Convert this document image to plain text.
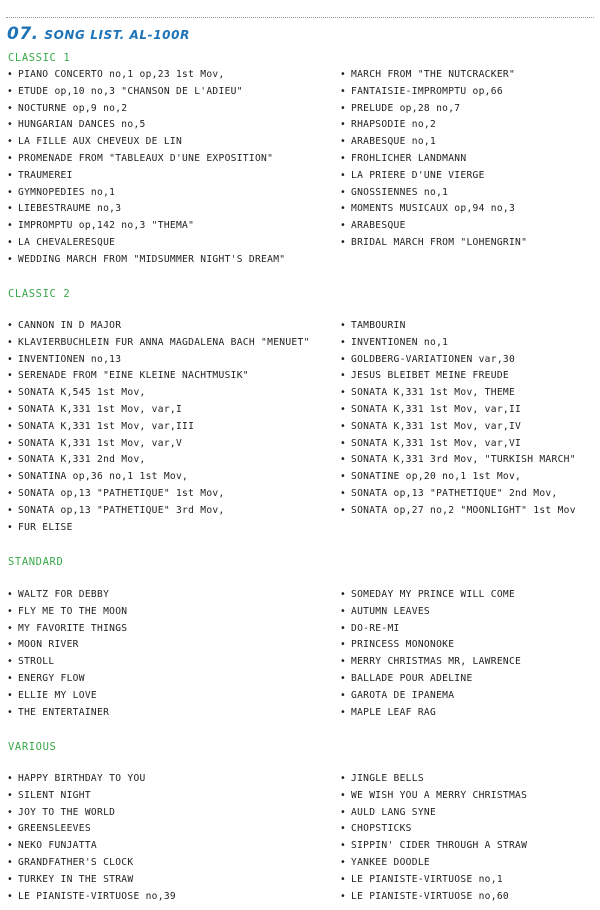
07. SONG LIST. AL-100R
CLASSIC 1
• PIANO CONCERTO no,1 op,23 1st Mov,
• ETUDE op,10 no,3 "CHANSON DE L'ADIEU"
• NOCTURNE op,9 no,2
• HUNGARIAN DANCES no,5
• LA FILLE AUX CHEVEUX DE LIN
• PROMENADE FROM "TABLEAUX D'UNE EXPOSITION"
• TRAUMEREI
• GYMNOPEDIES no,1
• LIEBESTRAUME no,3
• IMPROMPTU op,142 no,3 "THEMA"
• LA CHEVALERESQUE
• WEDDING MARCH FROM "MIDSUMMER NIGHT'S DREAM"
• MARCH FROM "THE NUTCRACKER"
• FANTAISIE-IMPROMPTU op,66
• PRELUDE op,28 no,7
• RHAPSODIE no,2
• ARABESQUE no,1
• FROHLICHER LANDMANN
• LA PRIERE D'UNE VIERGE
• GNOSSIENNES no,1
• MOMENTS MUSICAUX op,94 no,3
• ARABESQUE
• BRIDAL MARCH FROM "LOHENGRIN"
CLASSIC 2
• CANNON IN D MAJOR
• KLAVIERBUCHLEIN FUR ANNA MAGDALENA BACH "MENUET"
• INVENTIONEN no,13
• SERENADE FROM "EINE KLEINE NACHTMUSIK"
• SONATA K,545 1st Mov,
• SONATA K,331 1st Mov, var,I
• SONATA K,331 1st Mov, var,III
• SONATA K,331 1st Mov, var,V
• SONATA K,331 2nd Mov,
• SONATINA op,36 no,1 1st Mov,
• SONATA op,13 "PATHETIQUE" 1st Mov,
• SONATA op,13 "PATHETIQUE" 3rd Mov,
• FUR ELISE
• TAMBOURIN
• INVENTIONEN no,1
• GOLDBERG-VARIATIONEN var,30
• JESUS BLEIBET MEINE FREUDE
• SONATA K,331 1st Mov, THEME
• SONATA K,331 1st Mov, var,II
• SONATA K,331 1st Mov, var,IV
• SONATA K,331 1st Mov, var,VI
• SONATA K,331 3rd Mov, "TURKISH MARCH"
• SONATINE op,20 no,1 1st Mov,
• SONATA op,13 "PATHETIQUE" 2nd Mov,
• SONATA op,27 no,2 "MOONLIGHT" 1st Mov
STANDARD
• WALTZ FOR DEBBY
• FLY ME TO THE MOON
• MY FAVORITE THINGS
• MOON RIVER
• STROLL
• ENERGY FLOW
• ELLIE MY LOVE
• THE ENTERTAINER
• SOMEDAY MY PRINCE WILL COME
• AUTUMN LEAVES
• DO-RE-MI
• PRINCESS MONONOKE
• MERRY CHRISTMAS MR, LAWRENCE
• BALLADE POUR ADELINE
• GAROTA DE IPANEMA
• MAPLE LEAF RAG
VARIOUS
• HAPPY BIRTHDAY TO YOU
• SILENT NIGHT
• JOY TO THE WORLD
• GREENSLEEVES
• NEKO FUNJATTA
• GRANDFATHER'S CLOCK
• TURKEY IN THE STRAW
• LE PIANISTE-VIRTUOSE no,39
• JINGLE BELLS
• WE WISH YOU A MERRY CHRISTMAS
• AULD LANG SYNE
• CHOPSTICKS
• SIPPIN' CIDER THROUGH A STRAW
• YANKEE DOODLE
• LE PIANISTE-VIRTUOSE no,1
• LE PIANISTE-VIRTUOSE no,60
